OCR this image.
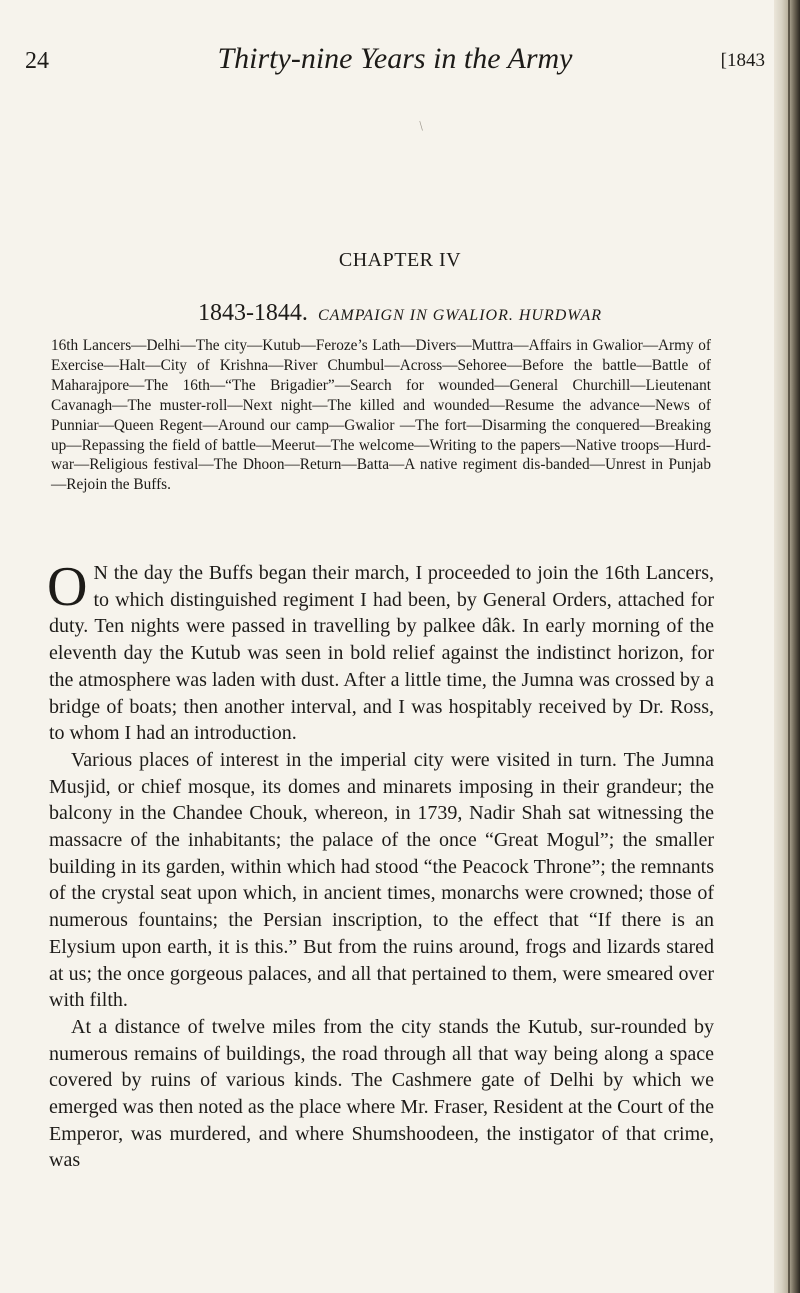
24	Thirty-nine Years in the Army	[1843
/
CHAPTER IV
1843-1844. CAMPAIGN IN GWALIOR. HURDWAR
16th Lancers—Delhi—The city—Kutub—Feroze’s Lath—Divers—Muttra—Affairs in Gwalior—Army of Exercise—Halt—City of Krishna—River Chumbul—Across—Sehoree—Before the battle—Battle of Maharajpore—The 16th—“The Brigadier”—Search for wounded—General Churchill—Lieutenant Cavanagh—The muster-roll—Next night—The killed and wounded—Resume the advance—News of Punniar—Queen Regent—Around our camp—Gwalior —The fort—Disarming the conquered—Breaking up—Repassing the field of battle—Meerut—The welcome—Writing to the papers—Native troops—Hurd-war—Religious festival—The Dhoon—Return—Batta—A native regiment dis-banded—Unrest in Punjab—Rejoin the Buffs.

O N the day the Buffs began their march, I proceeded to join the 16th Lancers, to which distinguished regiment I had been, by General Orders, attached for duty. Ten nights were passed in travelling by palkee dâk. In early morning of the eleventh day the Kutub was seen in bold relief against the indistinct horizon, for the atmosphere was laden with dust. After a little time, the Jumna was crossed by a bridge of boats; then another interval, and I was hospitably received by Dr. Ross, to whom I had an introduction.

Various places of interest in the imperial city were visited in turn. The Jumna Musjid, or chief mosque, its domes and minarets imposing in their grandeur; the balcony in the Chandee Chouk, whereon, in 1739, Nadir Shah sat witnessing the massacre of the inhabitants; the palace of the once “Great Mogul”; the smaller building in its garden, within which had stood “the Peacock Throne”; the remnants of the crystal seat upon which, in ancient times, monarchs were crowned; those of numerous fountains; the Persian inscription, to the effect that “If there is an Elysium upon earth, it is this.” But from the ruins around, frogs and lizards stared at us; the once gorgeous palaces, and all that pertained to them, were smeared over with filth.

At a distance of twelve miles from the city stands the Kutub, sur-rounded by numerous remains of buildings, the road through all that way being along a space covered by ruins of various kinds. The Cashmere gate of Delhi by which we emerged was then noted as the place where Mr. Fraser, Resident at the Court of the Emperor, was murdered, and where Shumshoodeen, the instigator of that crime, was
